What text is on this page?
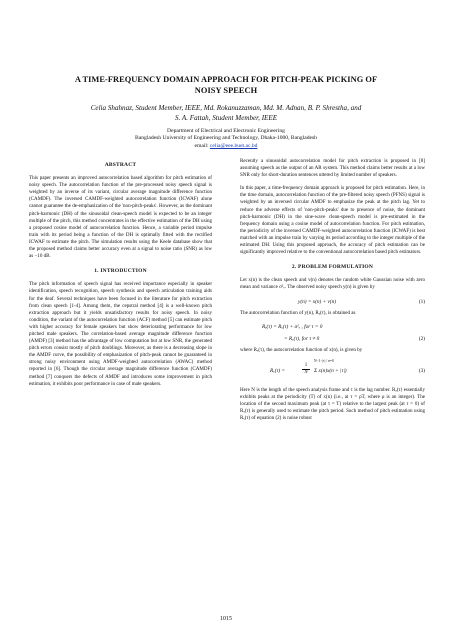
A TIME-FREQUENCY DOMAIN APPROACH FOR PITCH-PEAK PICKING OF
NOISY SPEECH
Celia Shahnaz, Student Member, IEEE, Md. Rokanuzzaman, Md. M. Adnan, B. P. Shrestha, and
S. A. Fattah, Student Member, IEEE
Department of Electrical and Electronic Engineering
Bangladesh University of Engineering and Technology, Dhaka-1000, Bangladesh
email: celia@eee.buet.ac.bd
ABSTRACT

This paper presents an improved autocorrelation based algorithm for pitch estimation of noisy speech. The autocorrelation function of the pre-processed noisy speech signal is weighted by an inverse of its variant, circular average magnitude difference function (CAMDF). The inversed CAMDF-weighted autocorrelation function (ICWAF) alone cannot guarantee the de-emphasization of the 'non-pitch-peaks'. However, as the dominant pitch-harmonic (DH) of the sinusoidal clean-speech model is expected to be an integer multiple of the pitch, this method concentrates in the effective estimation of the DH using a proposed cosine model of autocorrelation function. Hence, a variable period impulse train with its period being a function of the DH is optimally fitted with the rectified ICWAF to estimate the pitch. The simulation results using the Keele database show that the proposed method claims better accuracy even at a signal to noise ratio (SNR) as low as −10 dB.

1. INTRODUCTION

The pitch information of speech signal has received importance especially in speaker identification, speech recognition, speech synthesis and speech articulation training aids for the deaf. Several techniques have been focused in the literature for pitch extraction from clean speech [1-4]. Among them, the cepstral method [4] is a well-known pitch extraction approach but it yields unsatisfactory results for noisy speech. In noisy condition, the variant of the autocorrelation function (ACF) method [5] can estimate pitch with higher accuracy for female speakers but show deteriorating performance for low pitched male speakers. The correlation-based average magnitude difference function (AMDF) [3] method has the advantage of low computation but at low SNR, the generated pitch errors consist mostly of pitch doublings. Moreover, as there is a decreasing slope in the AMDF curve, the possibility of emphasization of pitch-peak cannot be guaranteed in strong noisy environment using AMDF-weighted autocorrelation (AWAC) method reported in [6]. Though the circular average magnitude difference function (CAMDF) method [7] conquers the defects of AMDF and introduces some improvement in pitch estimation, it exhibits poor performance in case of male speakers.

Recently a sinusoidal autocorrelation model for pitch extraction is proposed in [8] assuming speech as the output of an AR system. This method claims better results at a low SNR only for short-duration sentences uttered by limited number of speakers.

In this paper, a time-frequency domain approach is proposed for pitch estimation. Here, in the time domain, autocorrelation function of the pre-filtered noisy speech (PFNS) signal is weighted by an inversed circular AMDF to emphasize the peak at the pitch lag. Yet to reduce the adverse effects of 'non-pitch-peaks' due to presence of noise, the dominant pitch-harmonic (DH) in the sine-wave clean-speech model is pre-estimated in the frequency domain using a cosine model of autocorrelation function. For pitch estimation, the periodicity of the inversed CAMDF-weighted autocorrelation function (ICWAF) is best matched with an impulse train by varying its period according to the integer multiple of the estimated DH. Using this proposed approach, the accuracy of pitch estimation can be significantly improved relative to the conventional autocorrelation based pitch estimators.

2. PROBLEM FORMULATION

Let x(n) is the clean speech and v(n) denotes the random white Gaussian noise with zero mean and variance σ²ᵥ. The observed noisy speech y(n) is given by

y(n) = x(n) + v(n)	(1)

The autocorrelation function of y(n), Rᵧ(τ), is obtained as

Rᵧ(τ) = Rₓ(τ) + σ²ᵥ , for τ = 0
= Rₓ(τ), for τ ≠ 0	(2)

where Rₓ(τ), the autocorrelation function of x(n), is given by

Rₓ(τ) =
1
N	Σ x(n)x(n + |τ|)
N−1−|τ| / n=0
(3)

Here N is the length of the speech analysis frame and τ is the lag number. Rₓ(τ) essentially exhibits peaks at the periodicity (T) of x(n) (i.e., at τ = ρT, where ρ is an integer). The location of the second maximum peak (at τ = T) relative to the largest peak (at τ = 0) of Rₓ(τ) is generally used to estimate the pitch period. Such method of pitch estimation using Rᵧ(τ) of equation (2) is noise robust

1015
